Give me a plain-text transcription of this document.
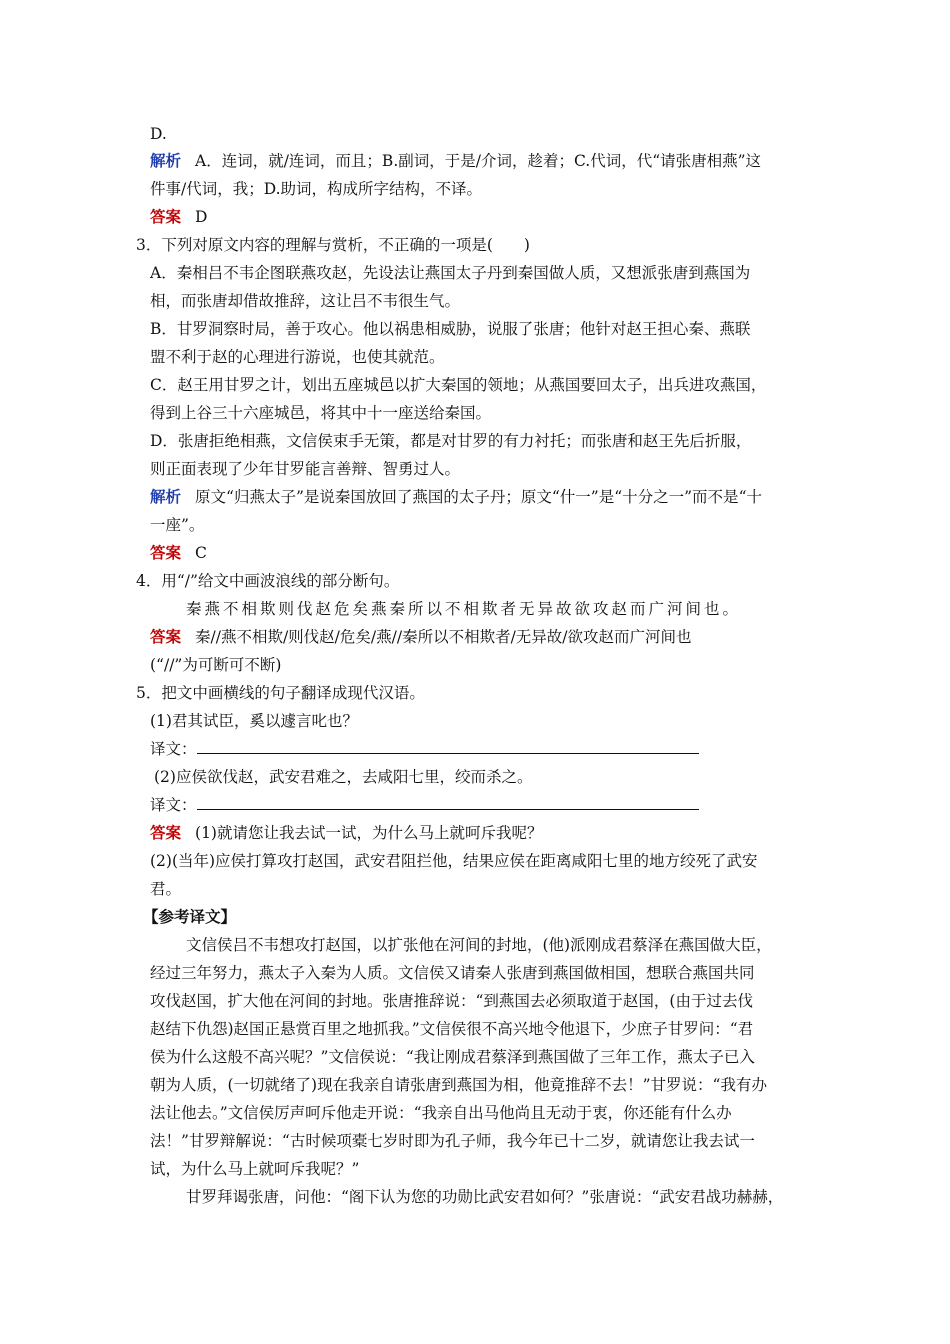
D.
解析 A．连词，就/连词，而且；B.副词，于是/介词，趁着；C.代词，代“请张唐相燕”这
件事/代词，我；D.助词，构成所字结构，不译。
答案 D
3．下列对原文内容的理解与赏析，不正确的一项是(　　)
A．秦相吕不韦企图联燕攻赵，先设法让燕国太子丹到秦国做人质，又想派张唐到燕国为
相，而张唐却借故推辞，这让吕不韦很生气。
B．甘罗洞察时局，善于攻心。他以祸患相威胁，说服了张唐；他针对赵王担心秦、燕联
盟不利于赵的心理进行游说，也使其就范。
C．赵王用甘罗之计，划出五座城邑以扩大秦国的领地；从燕国要回太子，出兵进攻燕国，
得到上谷三十六座城邑，将其中十一座送给秦国。
D．张唐拒绝相燕，文信侯束手无策，都是对甘罗的有力衬托；而张唐和赵王先后折服，
则正面表现了少年甘罗能言善辩、智勇过人。
解析 原文“归燕太子”是说秦国放回了燕国的太子丹；原文“什一”是“十分之一”而不是“十
一座”。
答案 C
4．用“/”给文中画波浪线的部分断句。
秦燕不相欺则伐赵危矣燕秦所以不相欺者无异故欲攻赵而广河间也。
答案 秦//燕不相欺/则伐赵/危矣/燕//秦所以不相欺者/无异故/欲攻赵而广河间也
(“//”为可断可不断)
5．把文中画横线的句子翻译成现代汉语。
(1)君其试臣，奚以遽言叱也？
译文：
(2)应侯欲伐赵，武安君难之，去咸阳七里，绞而杀之。
译文：
答案 (1)就请您让我去试一试，为什么马上就呵斥我呢？
(2)(当年)应侯打算攻打赵国，武安君阻拦他，结果应侯在距离咸阳七里的地方绞死了武安
君。
【参考译文】
文信侯吕不韦想攻打赵国，以扩张他在河间的封地，(他)派刚成君蔡泽在燕国做大臣，
经过三年努力，燕太子入秦为人质。文信侯又请秦人张唐到燕国做相国，想联合燕国共同
攻伐赵国，扩大他在河间的封地。张唐推辞说：“到燕国去必须取道于赵国，(由于过去伐
赵结下仇怨)赵国正悬赏百里之地抓我。”文信侯很不高兴地令他退下，少庶子甘罗问：“君
侯为什么这般不高兴呢？”文信侯说：“我让刚成君蔡泽到燕国做了三年工作，燕太子已入
朝为人质，(一切就绪了)现在我亲自请张唐到燕国为相，他竟推辞不去！”甘罗说：“我有办
法让他去。”文信侯厉声呵斥他走开说：“我亲自出马他尚且无动于衷，你还能有什么办
法！”甘罗辩解说：“古时候项橐七岁时即为孔子师，我今年已十二岁，就请您让我去试一
试，为什么马上就呵斥我呢？”
甘罗拜谒张唐，问他：“阁下认为您的功勋比武安君如何？”张唐说：“武安君战功赫赫，
